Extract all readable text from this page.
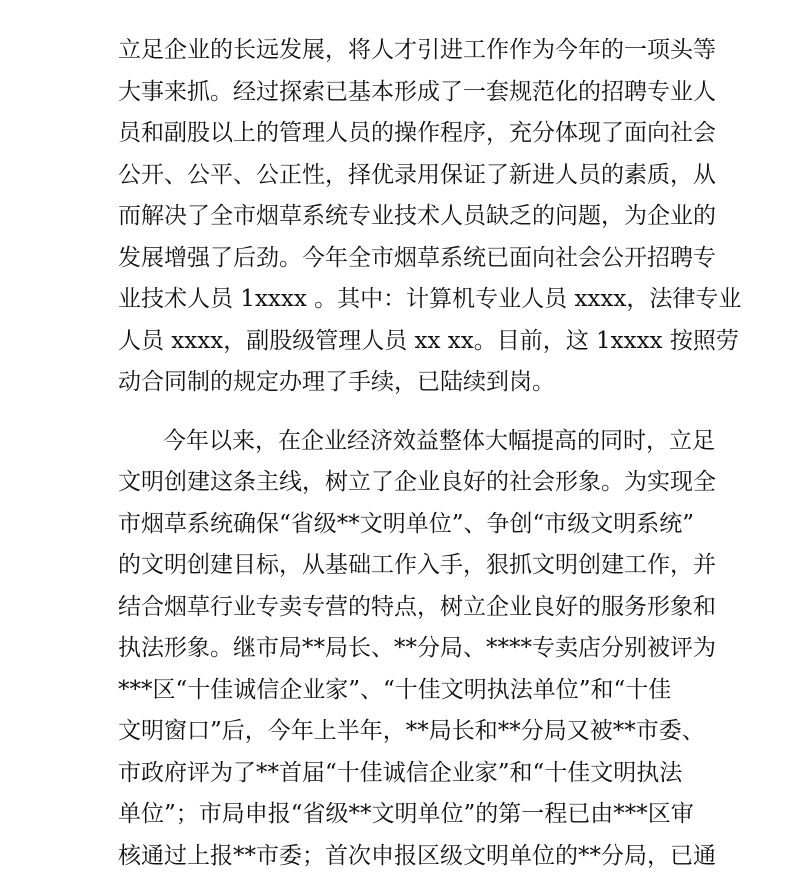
立足企业的长远发展，将人才引进工作作为今年的一项头等
大事来抓。经过探索已基本形成了一套规范化的招聘专业人
员和副股以上的管理人员的操作程序，充分体现了面向社会
公开、公平、公正性，择优录用保证了新进人员的素质，从
而解决了全市烟草系统专业技术人员缺乏的问题，为企业的
发展增强了后劲。今年全市烟草系统已面向社会公开招聘专
业技术人员 1xxxx 。其中：计算机专业人员 xxxx，法律专业
人员 xxxx，副股级管理人员 xx xx。目前，这 1xxxx 按照劳
动合同制的规定办理了手续，已陆续到岗。
今年以来，在企业经济效益整体大幅提高的同时，立足
文明创建这条主线，树立了企业良好的社会形象。为实现全
市烟草系统确保“省级**文明单位”、争创“市级文明系统”
的文明创建目标，从基础工作入手，狠抓文明创建工作，并
结合烟草行业专卖专营的特点，树立企业良好的服务形象和
执法形象。继市局**局长、**分局、****专卖店分别被评为
***区“十佳诚信企业家”、“十佳文明执法单位”和“十佳
文明窗口”后，今年上半年，**局长和**分局又被**市委、
市政府评为了**首届“十佳诚信企业家”和“十佳文明执法
单位”；市局申报“省级**文明单位”的第一程已由***区审
核通过上报**市委；首次申报区级文明单位的**分局，已通
